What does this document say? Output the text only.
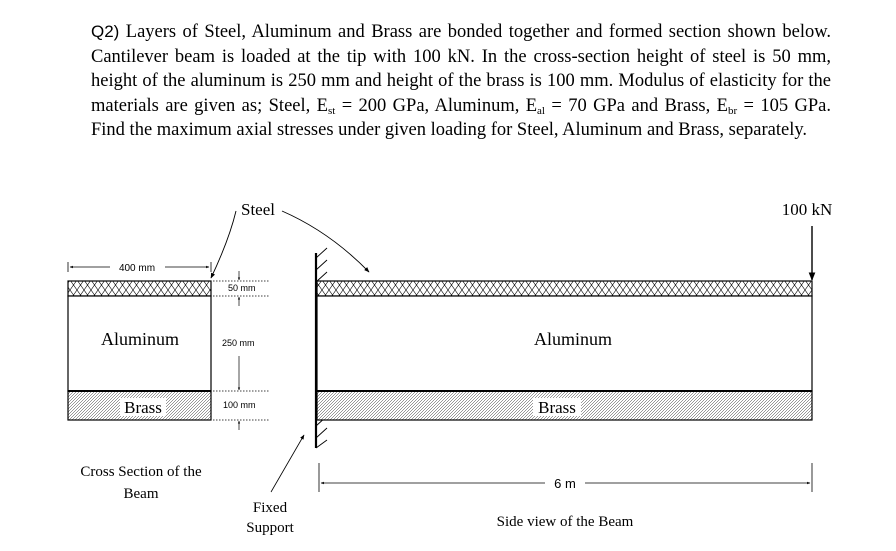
Q2) Layers of Steel, Aluminum and Brass are bonded together and formed section shown below. Cantilever beam is loaded at the tip with 100 kN. In the cross-section height of steel is 50 mm, height of the aluminum is 250 mm and height of the brass is 100 mm. Modulus of elasticity for the materials are given as; Steel, $E_{st} = 200$ GPa, Aluminum, $E_{al} = 70$ GPa and Brass, $E_{br} = 105$ GPa. Find the maximum axial stresses under given loading for Steel, Aluminum and Brass, separately.
Aluminum
Brass
400 mm
50 mm
250 mm
100 mm
Cross Section of the
Beam
Steel
Fixed
Support
Aluminum
Brass
100 kN
6 m
Side view of the Beam
